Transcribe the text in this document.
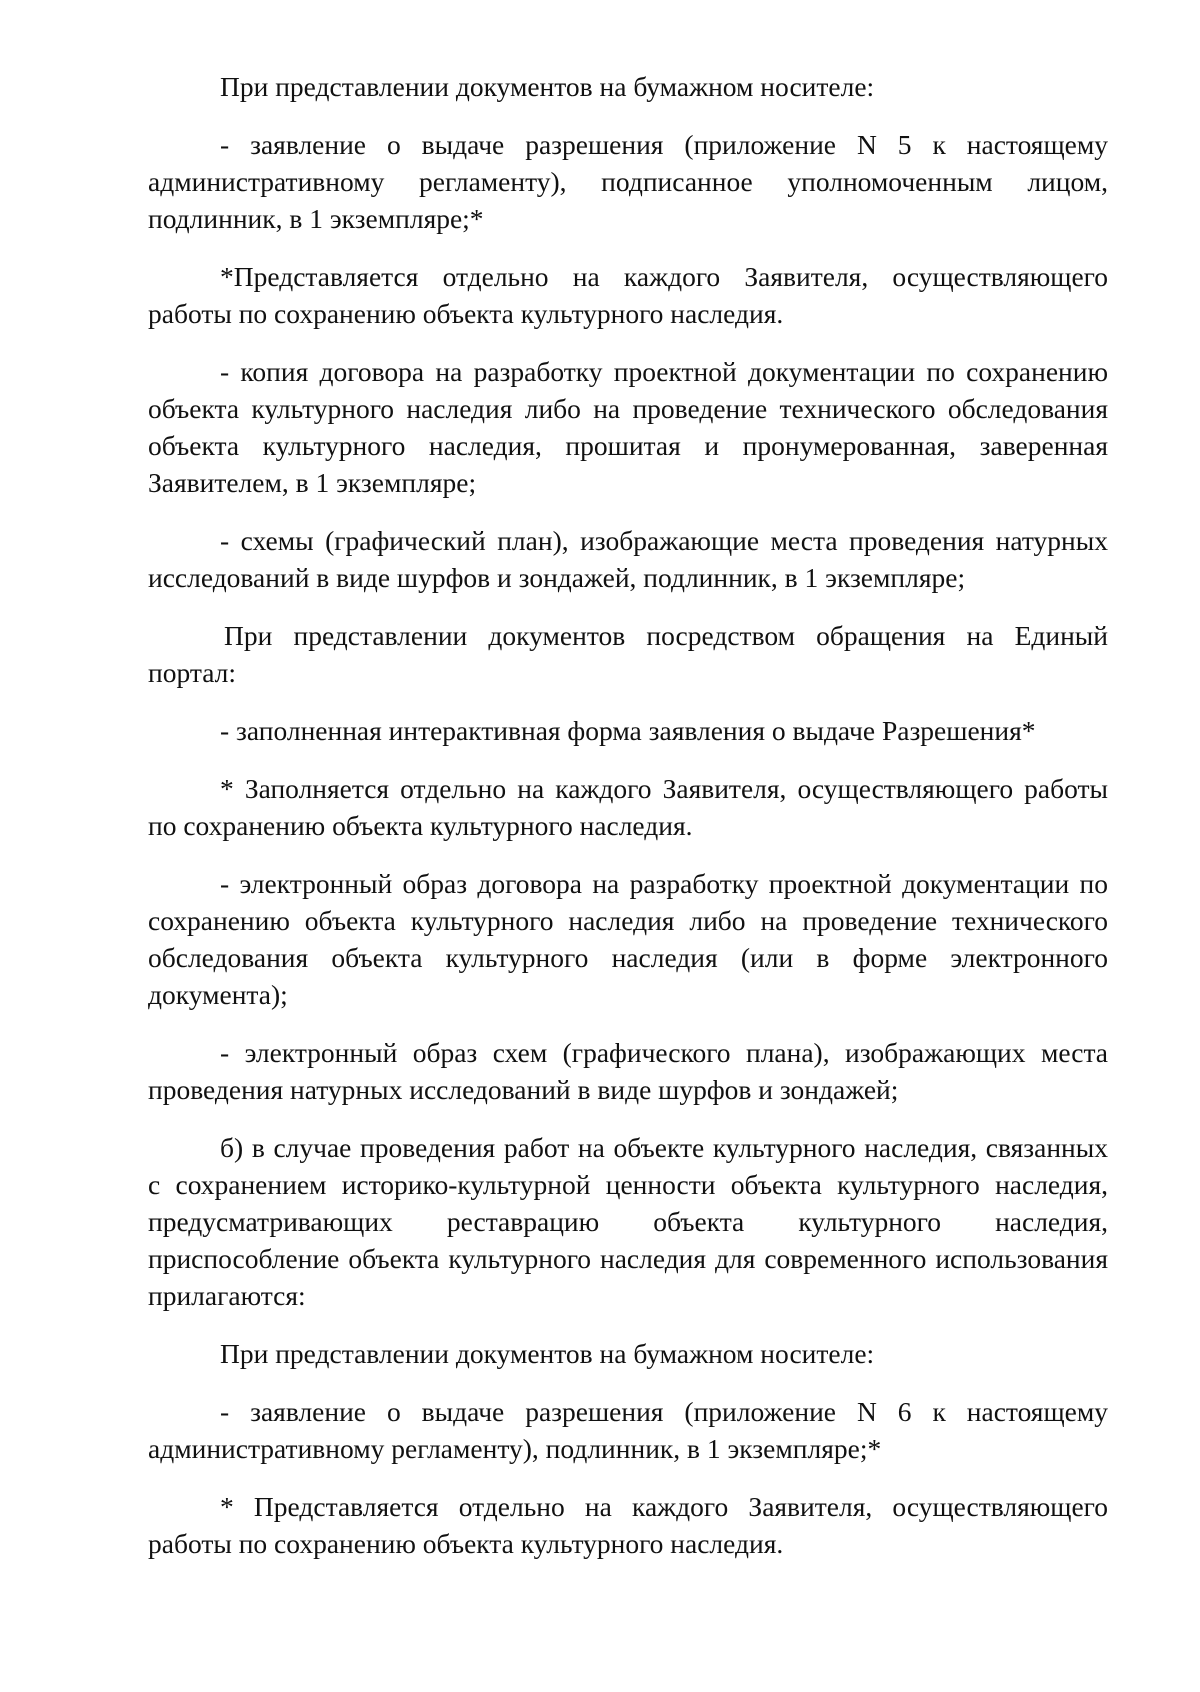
При представлении документов на бумажном носителе:

- заявление о выдаче разрешения (приложение N 5 к настоящему административному регламенту), подписанное уполномоченным лицом, подлинник, в 1 экземпляре;*

*Представляется отдельно на каждого Заявителя, осуществляющего работы по сохранению объекта культурного наследия.

- копия договора на разработку проектной документации по сохранению объекта культурного наследия либо на проведение технического обследования объекта культурного наследия, прошитая и пронумерованная, заверенная Заявителем, в 1 экземпляре;

- схемы (графический план), изображающие места проведения натурных исследований в виде шурфов и зондажей, подлинник, в 1 экземпляре;

При представлении документов посредством обращения на Единый портал:

- заполненная интерактивная форма заявления о выдаче Разрешения*

* Заполняется отдельно на каждого Заявителя, осуществляющего работы по сохранению объекта культурного наследия.

- электронный образ договора на разработку проектной документации по сохранению объекта культурного наследия либо на проведение технического обследования объекта культурного наследия (или в форме электронного документа);

- электронный образ схем (графического плана), изображающих места проведения натурных исследований в виде шурфов и зондажей;

б) в случае проведения работ на объекте культурного наследия, связанных с сохранением историко-культурной ценности объекта культурного наследия, предусматривающих реставрацию объекта культурного наследия, приспособление объекта культурного наследия для современного использования прилагаются:

При представлении документов на бумажном носителе:

- заявление о выдаче разрешения (приложение N 6 к настоящему административному регламенту), подлинник, в 1 экземпляре;*

* Представляется отдельно на каждого Заявителя, осуществляющего работы по сохранению объекта культурного наследия.
